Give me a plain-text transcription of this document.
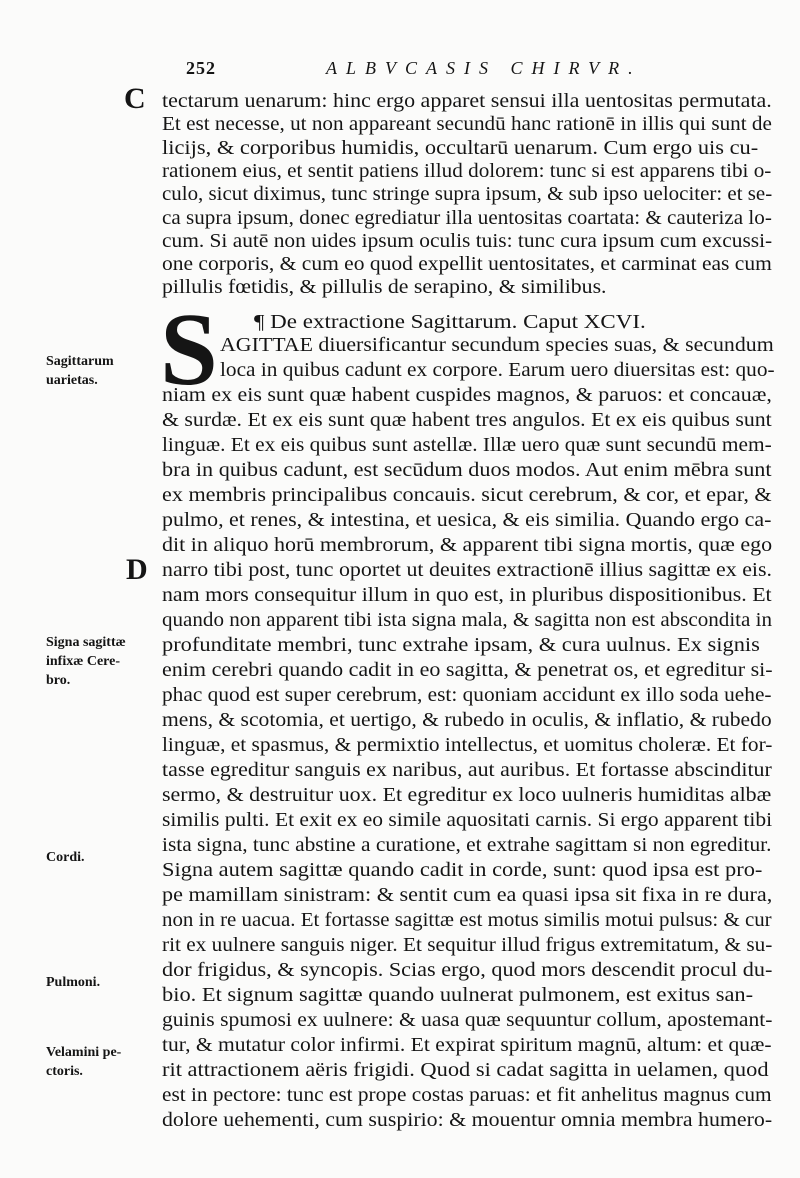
252	ALBVCASIS CHIRVR.
C
D
S
Sagittarum
uarietas.
Signa sagittæ
infixæ Cere-
bro.
Cordi.
Pulmoni.
Velamini pe-
ctoris.
tectarum uenarum: hinc ergo apparet sensui illa uentositas permutata.
Et est necesse, ut non appareant secundū hanc rationē in illis qui sunt de
licijs, & corporibus humidis, occultarū uenarum. Cum ergo uis cu-
rationem eius, et sentit patiens illud dolorem: tunc si est apparens tibi o-
culo, sicut diximus, tunc stringe supra ipsum, & sub ipso uelociter: et se-
ca supra ipsum, donec egrediatur illa uentositas coartata: & cauteriza lo-
cum. Si autē non uides ipsum oculis tuis: tunc cura ipsum cum excussi-
one corporis, & cum eo quod expellit uentositates, et carminat eas cum
pillulis fœtidis, & pillulis de serapino, & similibus.
¶ De extractione Sagittarum. Caput XCVI.
AGITTAE diuersificantur secundum species suas, & secundum
loca in quibus cadunt ex corpore. Earum uero diuersitas est: quo-
niam ex eis sunt quæ habent cuspides magnos, & paruos: et concauæ,
& surdæ. Et ex eis sunt quæ habent tres angulos. Et ex eis quibus sunt
linguæ. Et ex eis quibus sunt astellæ. Illæ uero quæ sunt secundū mem-
bra in quibus cadunt, est secūdum duos modos. Aut enim mēbra sunt
ex membris principalibus concauis. sicut cerebrum, & cor, et epar, &
pulmo, et renes, & intestina, et uesica, & eis similia. Quando ergo ca-
dit in aliquo horū membrorum, & apparent tibi signa mortis, quæ ego
narro tibi post, tunc oportet ut deuites extractionē illius sagittæ ex eis.
nam mors consequitur illum in quo est, in pluribus dispositionibus. Et
quando non apparent tibi ista signa mala, & sagitta non est abscondita in
profunditate membri, tunc extrahe ipsam, & cura uulnus. Ex signis
enim cerebri quando cadit in eo sagitta, & penetrat os, et egreditur si-
phac quod est super cerebrum, est: quoniam accidunt ex illo soda uehe-
mens, & scotomia, et uertigo, & rubedo in oculis, & inflatio, & rubedo
linguæ, et spasmus, & permixtio intellectus, et uomitus choleræ. Et for-
tasse egreditur sanguis ex naribus, aut auribus. Et fortasse abscinditur
sermo, & destruitur uox. Et egreditur ex loco uulneris humiditas albæ
similis pulti. Et exit ex eo simile aquositati carnis. Si ergo apparent tibi
ista signa, tunc abstine a curatione, et extrahe sagittam si non egreditur.
Signa autem sagittæ quando cadit in corde, sunt: quod ipsa est pro-
pe mamillam sinistram: & sentit cum ea quasi ipsa sit fixa in re dura,
non in re uacua. Et fortasse sagittæ est motus similis motui pulsus: & cur
rit ex uulnere sanguis niger. Et sequitur illud frigus extremitatum, & su-
dor frigidus, & syncopis. Scias ergo, quod mors descendit procul du-
bio. Et signum sagittæ quando uulnerat pulmonem, est exitus san-
guinis spumosi ex uulnere: & uasa quæ sequuntur collum, apostemant-
tur, & mutatur color infirmi. Et expirat spiritum magnū, altum: et quæ-
rit attractionem aëris frigidi. Quod si cadat sagitta in uelamen, quod
est in pectore: tunc est prope costas paruas: et fit anhelitus magnus cum
dolore uehementi, cum suspirio: & mouentur omnia membra humero-
